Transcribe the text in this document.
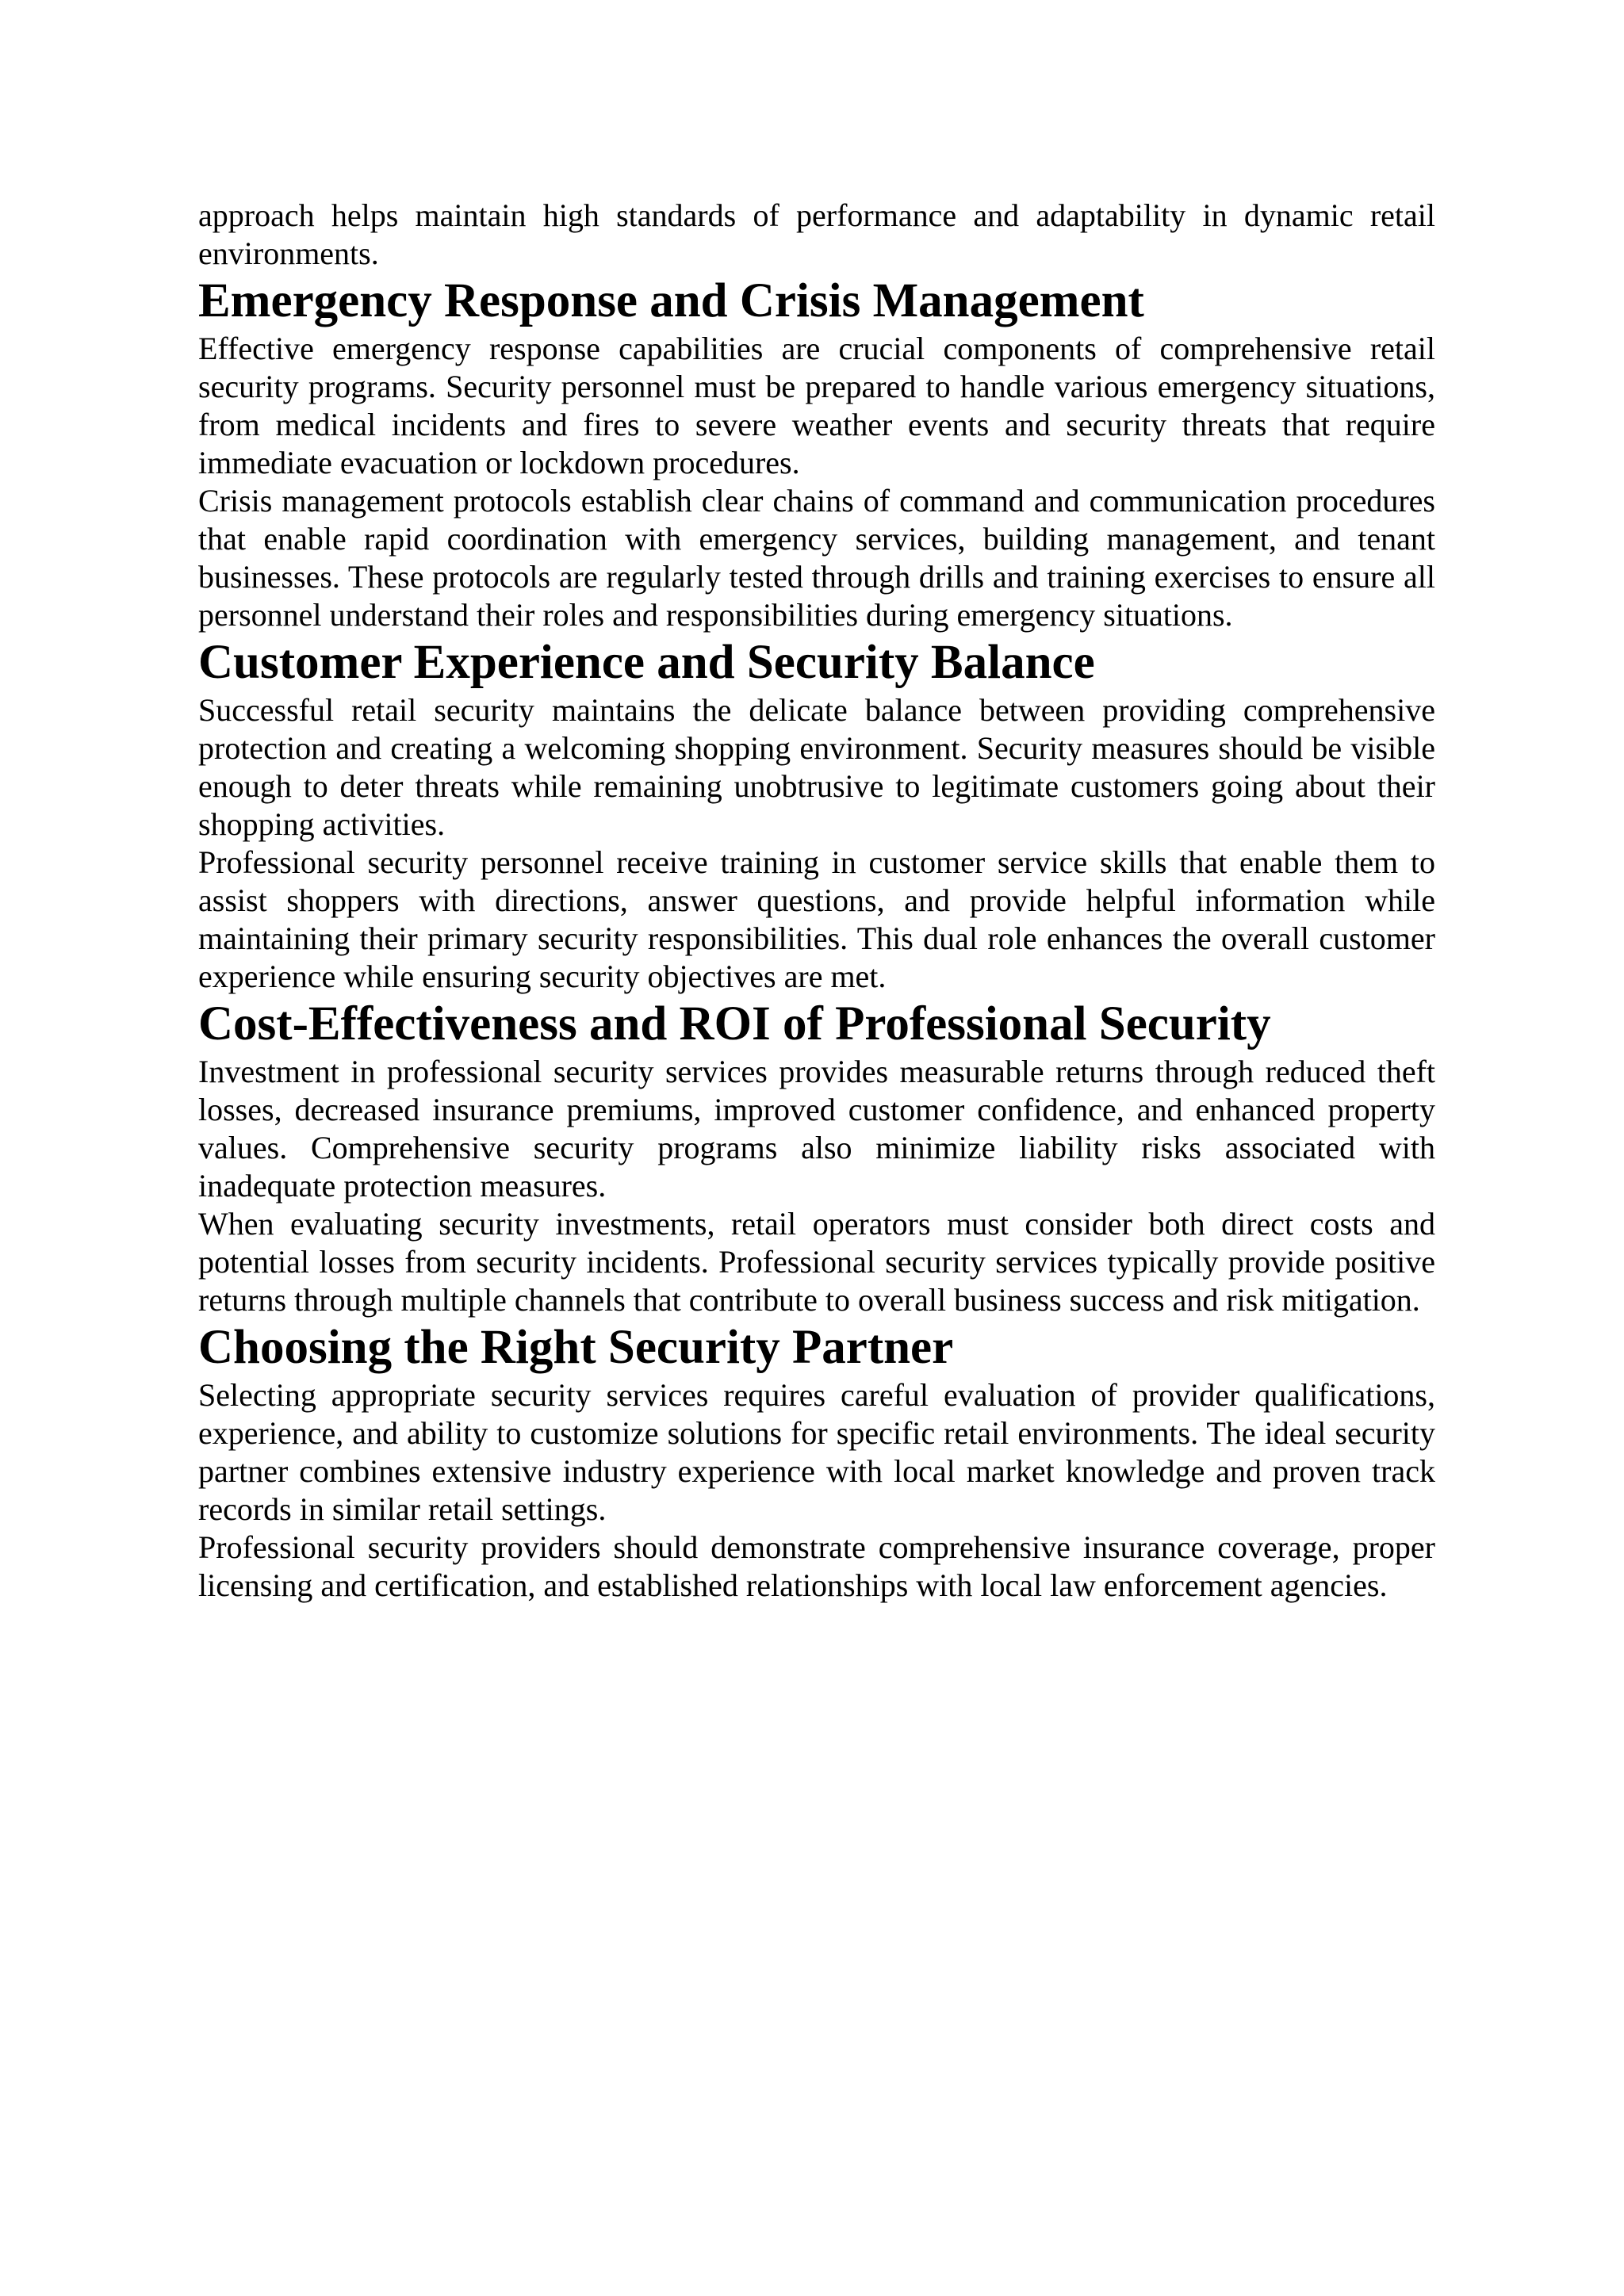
approach helps maintain high standards of performance and adaptability in dynamic retail environments.

Emergency Response and Crisis Management

Effective emergency response capabilities are crucial components of comprehensive retail security programs. Security personnel must be prepared to handle various emergency situations, from medical incidents and fires to severe weather events and security threats that require immediate evacuation or lockdown procedures.

Crisis management protocols establish clear chains of command and communication procedures that enable rapid coordination with emergency services, building management, and tenant businesses. These protocols are regularly tested through drills and training exercises to ensure all personnel understand their roles and responsibilities during emergency situations.

Customer Experience and Security Balance

Successful retail security maintains the delicate balance between providing comprehensive protection and creating a welcoming shopping environment. Security measures should be visible enough to deter threats while remaining unobtrusive to legitimate customers going about their shopping activities.

Professional security personnel receive training in customer service skills that enable them to assist shoppers with directions, answer questions, and provide helpful information while maintaining their primary security responsibilities. This dual role enhances the overall customer experience while ensuring security objectives are met.

Cost-Effectiveness and ROI of Professional Security

Investment in professional security services provides measurable returns through reduced theft losses, decreased insurance premiums, improved customer confidence, and enhanced property values. Comprehensive security programs also minimize liability risks associated with inadequate protection measures.

When evaluating security investments, retail operators must consider both direct costs and potential losses from security incidents. Professional security services typically provide positive returns through multiple channels that contribute to overall business success and risk mitigation.

Choosing the Right Security Partner

Selecting appropriate security services requires careful evaluation of provider qualifications, experience, and ability to customize solutions for specific retail environments. The ideal security partner combines extensive industry experience with local market knowledge and proven track records in similar retail settings.

Professional security providers should demonstrate comprehensive insurance coverage, proper licensing and certification, and established relationships with local law enforcement agencies.
